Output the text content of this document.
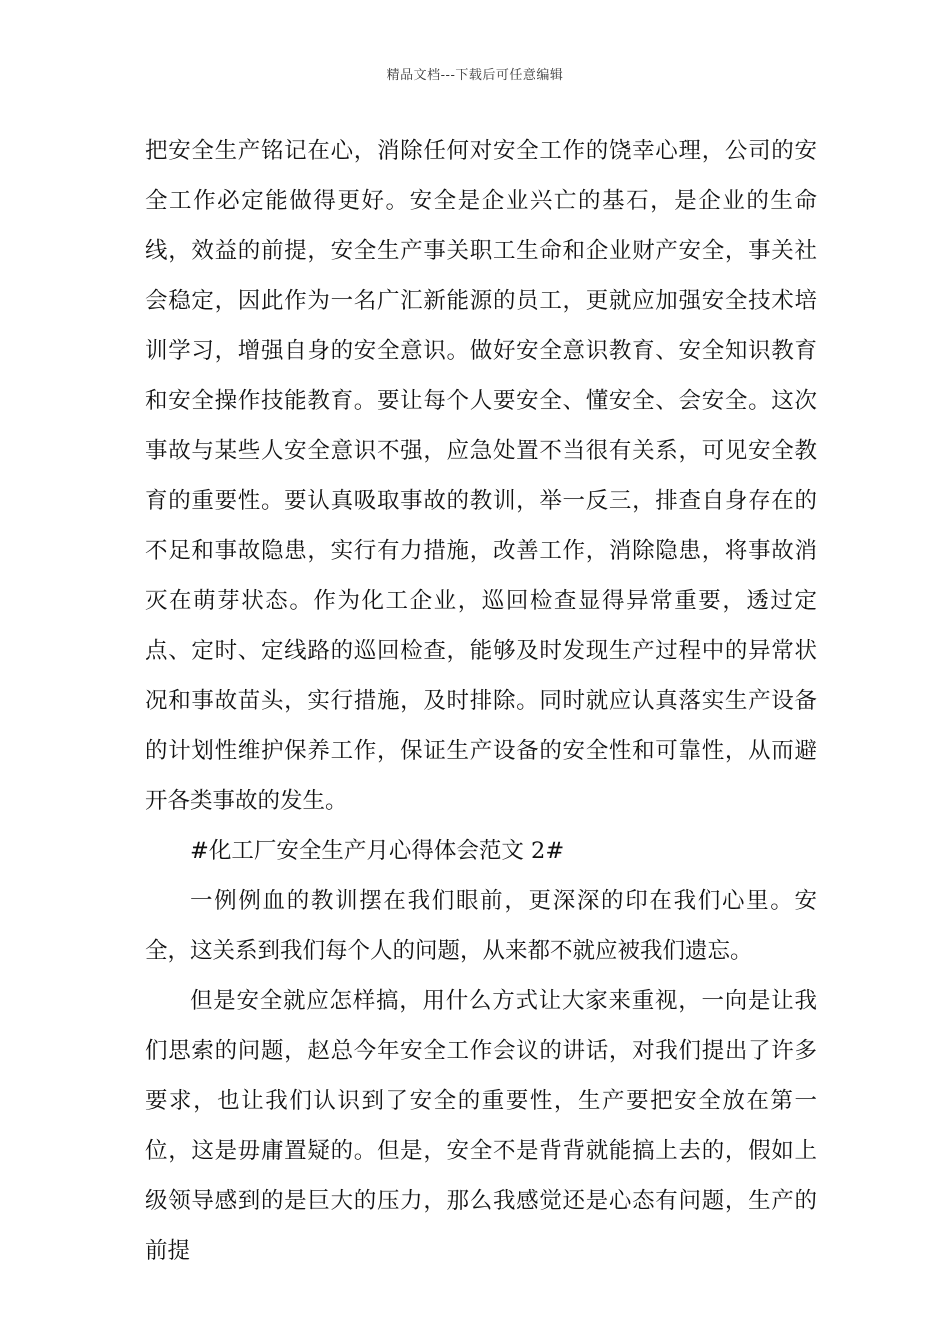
精品文档---下载后可任意编辑

把安全生产铭记在心，消除任何对安全工作的饶幸心理，公司的安全工作必定能做得更好。安全是企业兴亡的基石，是企业的生命线，效益的前提，安全生产事关职工生命和企业财产安全，事关社会稳定，因此作为一名广汇新能源的员工，更就应加强安全技术培训学习，增强自身的安全意识。做好安全意识教育、安全知识教育和安全操作技能教育。要让每个人要安全、懂安全、会安全。这次事故与某些人安全意识不强，应急处置不当很有关系，可见安全教育的重要性。要认真吸取事故的教训，举一反三，排查自身存在的不足和事故隐患，实行有力措施，改善工作，消除隐患，将事故消灭在萌芽状态。作为化工企业，巡回检查显得异常重要，透过定点、定时、定线路的巡回检查，能够及时发现生产过程中的异常状况和事故苗头，实行措施，及时排除。同时就应认真落实生产设备的计划性维护保养工作，保证生产设备的安全性和可靠性，从而避开各类事故的发生。

#化工厂安全生产月心得体会范文 2#

一例例血的教训摆在我们眼前，更深深的印在我们心里。安全，这关系到我们每个人的问题，从来都不就应被我们遗忘。

但是安全就应怎样搞，用什么方式让大家来重视，一向是让我们思索的问题，赵总今年安全工作会议的讲话，对我们提出了许多要求，也让我们认识到了安全的重要性，生产要把安全放在第一位，这是毋庸置疑的。但是，安全不是背背就能搞上去的，假如上级领导感到的是巨大的压力，那么我感觉还是心态有问题，生产的前提
